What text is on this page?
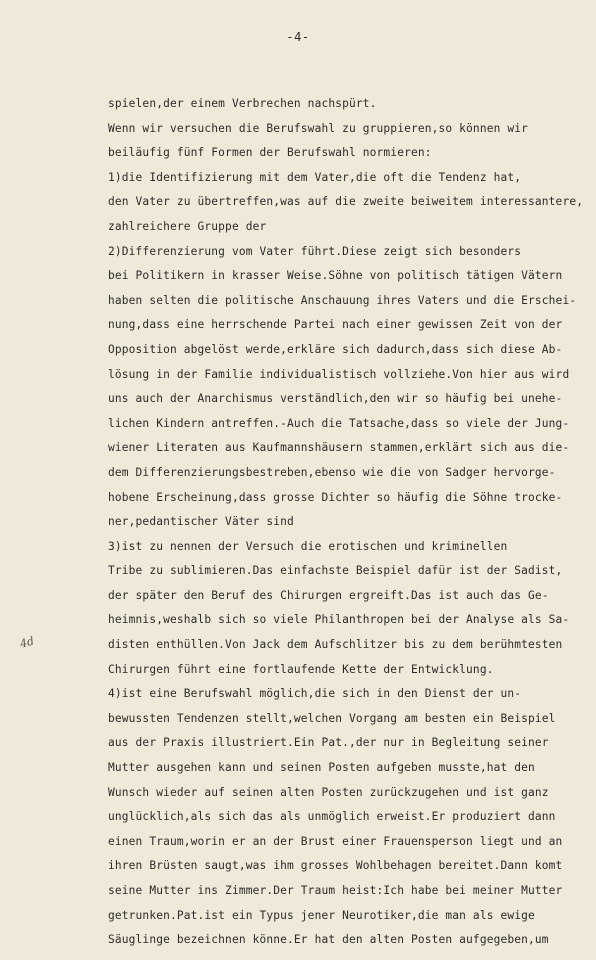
-4-
4d
spielen,der einem Verbrechen nachspürt.
Wenn wir versuchen die Berufswahl zu gruppieren,so können wir
beiläufig fünf Formen der Berufswahl normieren:
1)die Identifizierung mit dem Vater,die oft die Tendenz hat,
den Vater zu übertreffen,was auf die zweite beiweitem interessantere,
zahlreichere Gruppe der
2)Differenzierung vom Vater führt.Diese zeigt sich besonders
bei Politikern in krasser Weise.Söhne von politisch tätigen Vätern
haben selten die politische Anschauung ihres Vaters und die Erschei-
nung,dass eine herrschende Partei nach einer gewissen Zeit von der
Opposition abgelöst werde,erkläre sich dadurch,dass sich diese Ab-
lösung in der Familie individualistisch vollziehe.Von hier aus wird
uns auch der Anarchismus verständlich,den wir so häufig bei unehe-
lichen Kindern antreffen.-Auch die Tatsache,dass so viele der Jung-
wiener Literaten aus Kaufmannshäusern stammen,erklärt sich aus die-
dem Differenzierungsbestreben,ebenso wie die von Sadger hervorge-
hobene Erscheinung,dass grosse Dichter so häufig die Söhne trocke-
ner,pedantischer Väter sind
3)ist zu nennen der Versuch die erotischen und kriminellen
Tribe zu sublimieren.Das einfachste Beispiel dafür ist der Sadist,
der später den Beruf des Chirurgen ergreift.Das ist auch das Ge-
heimnis,weshalb sich so viele Philanthropen bei der Analyse als Sa-
disten enthüllen.Von Jack dem Aufschlitzer bis zu dem berühmtesten
Chirurgen führt eine fortlaufende Kette der Entwicklung.
4)ist eine Berufswahl möglich,die sich in den Dienst der un-
bewussten Tendenzen stellt,welchen Vorgang am besten ein Beispiel
aus der Praxis illustriert.Ein Pat.,der nur in Begleitung seiner
Mutter ausgehen kann und seinen Posten aufgeben musste,hat den
Wunsch wieder auf seinen alten Posten zurückzugehen und ist ganz
unglücklich,als sich das als unmöglich erweist.Er produziert dann
einen Traum,worin er an der Brust einer Frauensperson liegt und an
ihren Brüsten saugt,was ihm grosses Wohlbehagen bereitet.Dann komt
seine Mutter ins Zimmer.Der Traum heist:Ich habe bei meiner Mutter
getrunken.Pat.ist ein Typus jener Neurotiker,die man als ewige
Säuglinge bezeichnen könne.Er hat den alten Posten aufgegeben,um
